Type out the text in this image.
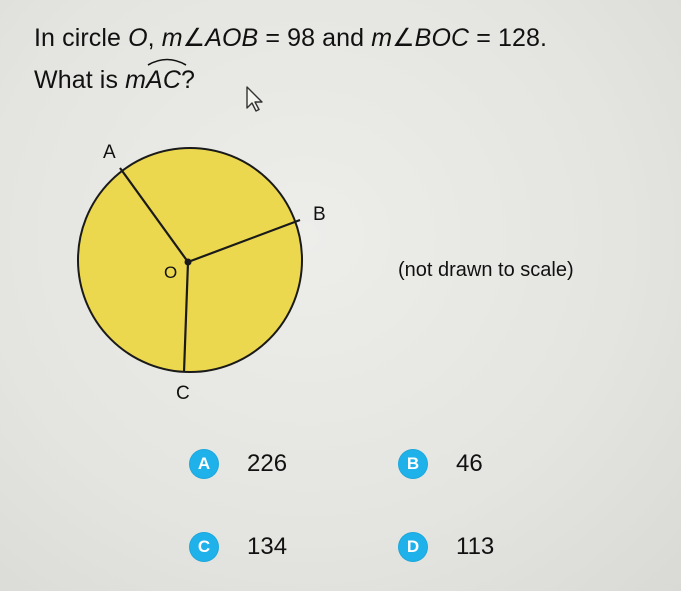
In circle O, m∠AOB = 98 and m∠BOC = 128.
What is m
AC?
A
B
C
O	(not drawn to scale)
A	226	B	46
C	134	D	113
